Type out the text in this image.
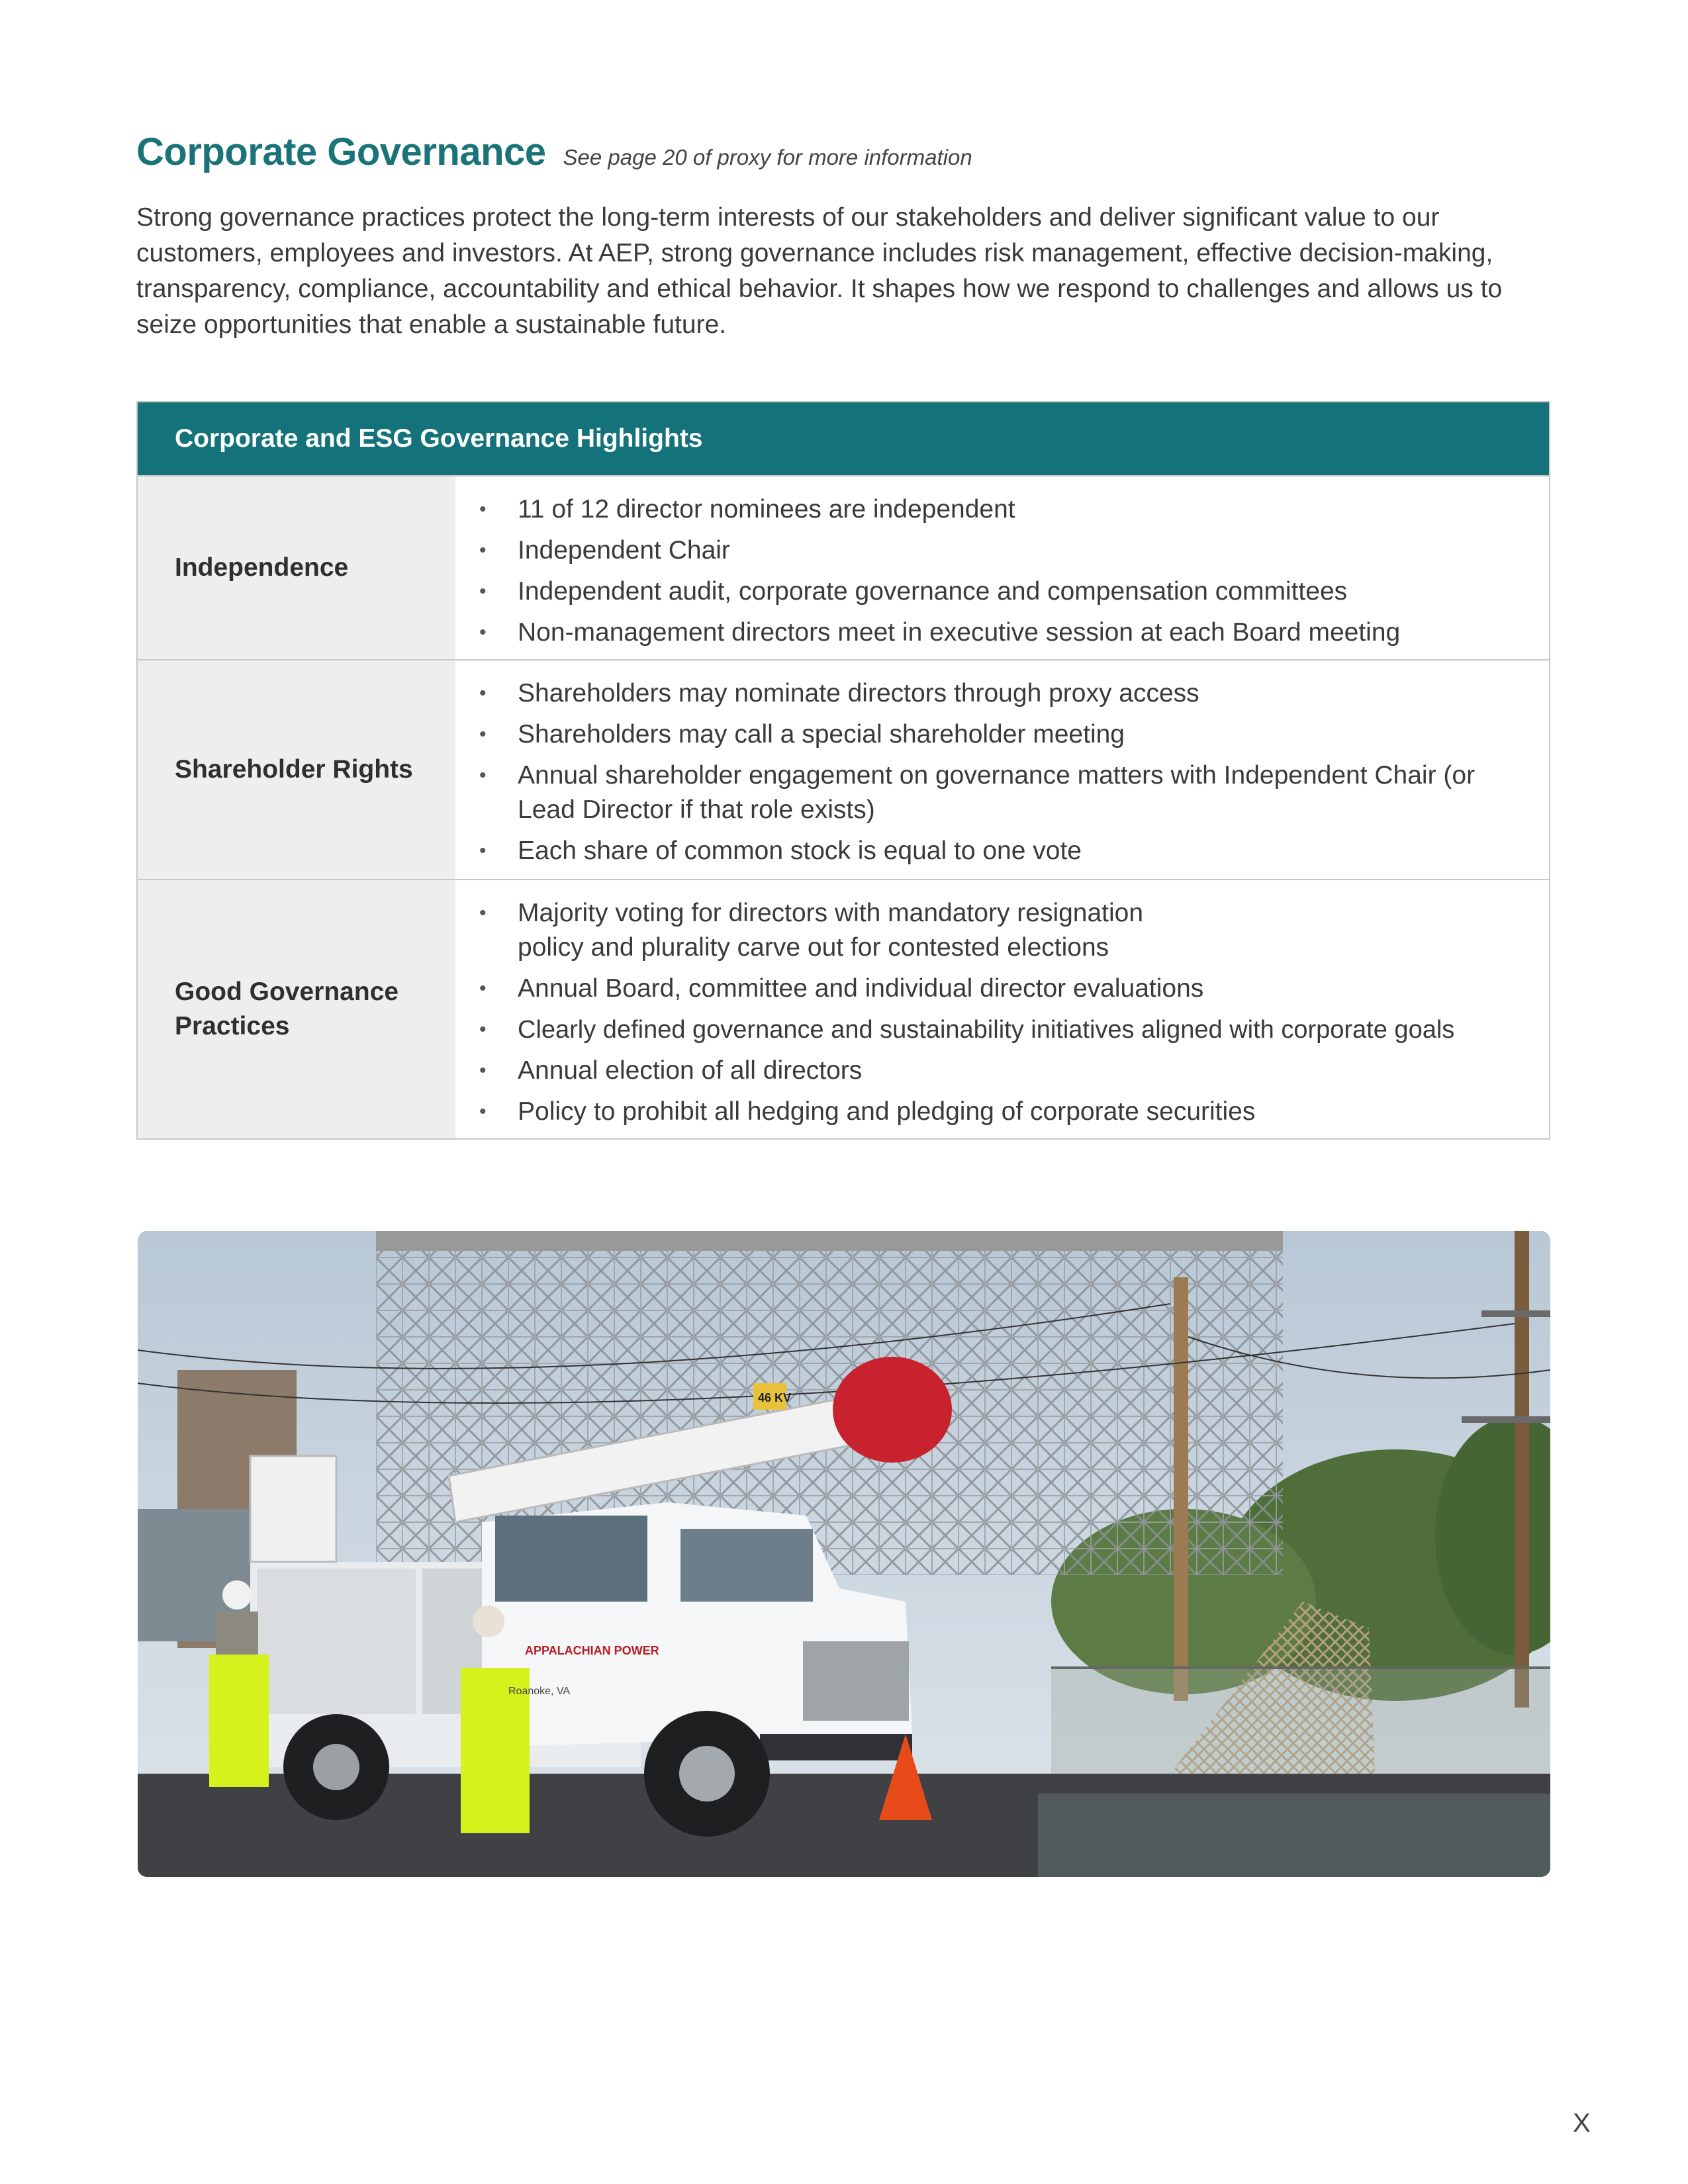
Corporate Governance See page 20 of proxy for more information

Strong governance practices protect the long-term interests of our stakeholders and deliver significant value to our customers, employees and investors. At AEP, strong governance includes risk management, effective decision-making, transparency, compliance, accountability and ethical behavior. It shapes how we respond to challenges and allows us to seize opportunities that enable a sustainable future.

Corporate and ESG Governance Highlights
Independence
• 11 of 12 director nominees are independent
• Independent Chair
• Independent audit, corporate governance and compensation committees
• Non-management directors meet in executive session at each Board meeting
Shareholder Rights
• Shareholders may nominate directors through proxy access
• Shareholders may call a special shareholder meeting
• Annual shareholder engagement on governance matters with Independent Chair (or Lead Director if that role exists)
• Each share of common stock is equal to one vote
Good Governance Practices
• Majority voting for directors with mandatory resignation policy and plurality carve out for contested elections
• Annual Board, committee and individual director evaluations
• Clearly defined governance and sustainability initiatives aligned with corporate goals
• Annual election of all directors
• Policy to prohibit all hedging and pledging of corporate securities
APPALACHIAN POWER
Roanoke, VA
46 KV
X
